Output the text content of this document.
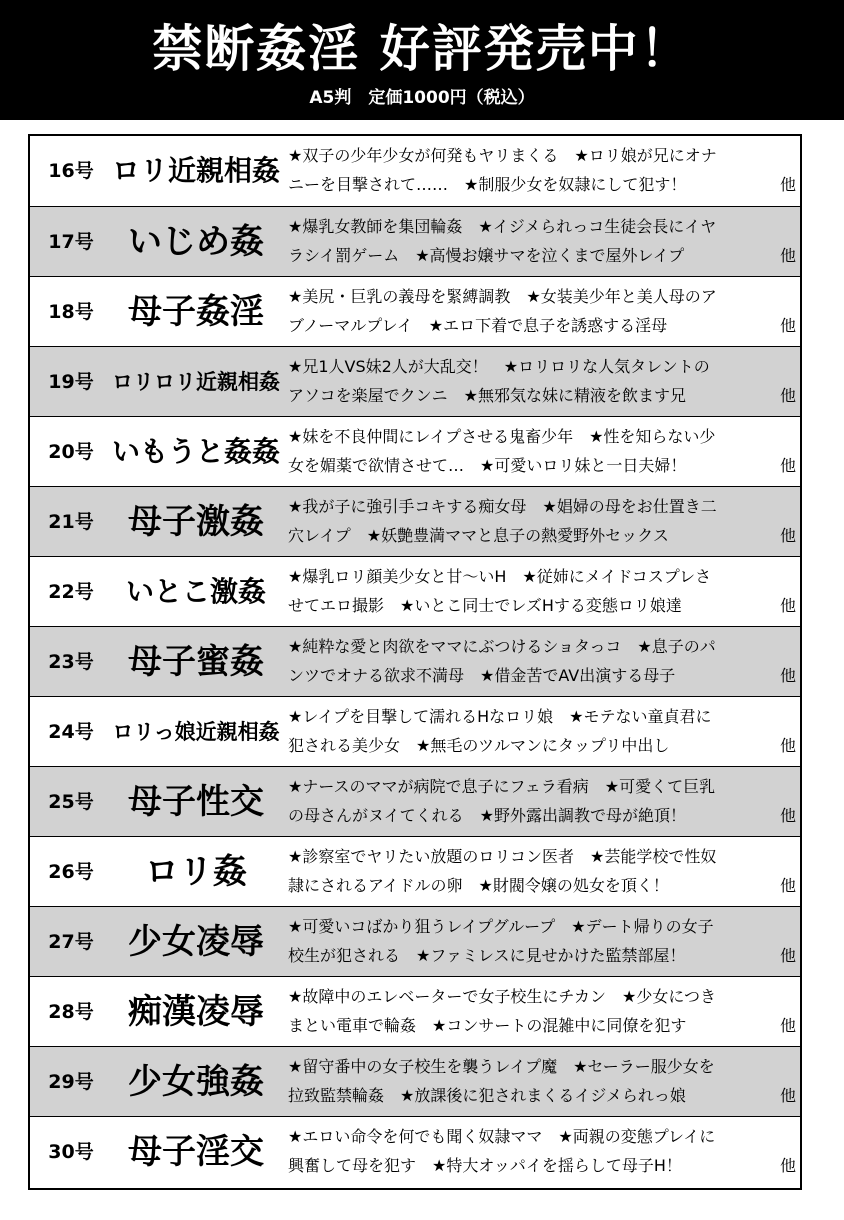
禁断姦淫 好評発売中！
A5判　定価1000円（税込）
16号 ロリ近親相姦 ★双子の少年少女が何発もヤリまくる　★ロリ娘が兄にオナ
ニーを目撃されて……　★制服少女を奴隷にして犯す！	他
17号	いじめ姦	★爆乳女教師を集団輪姦　★イジメられっコ生徒会長にイヤ
ラシイ罰ゲーム　★高慢お嬢サマを泣くまで屋外レイプ	他
18号	母子姦淫	★美尻・巨乳の義母を緊縛調教　★女装美少年と美人母のア
ブノーマルプレイ　★エロ下着で息子を誘惑する淫母	他
19号 ロリロリ近親相姦
★兄1人VS妹2人が大乱交！　★ロリロリな人気タレントの
アソコを楽屋でクンニ　★無邪気な妹に精液を飲ます兄	他
20号 いもうと姦姦 ★妹を不良仲間にレイプさせる鬼畜少年　★性を知らない少
女を媚薬で欲情させて…　★可愛いロリ妹と一日夫婦！	他
21号	母子激姦	★我が子に強引手コキする痴女母　★娼婦の母をお仕置き二
穴レイプ　★妖艶豊満ママと息子の熱愛野外セックス	他
22号	いとこ激姦	★爆乳ロリ顔美少女と甘〜いH　★従姉にメイドコスプレさ
せてエロ撮影　★いとこ同士でレズHする変態ロリ娘達	他
23号	母子蜜姦	★純粋な愛と肉欲をママにぶつけるショタっコ　★息子のパ
ンツでオナる欲求不満母　★借金苦でAV出演する母子	他
24号 ロリっ娘近親相姦
★レイプを目撃して濡れるHなロリ娘　★モテない童貞君に
犯される美少女　★無毛のツルマンにタップリ中出し	他
25号	母子性交	★ナースのママが病院で息子にフェラ看病　★可愛くて巨乳
の母さんがヌイてくれる　★野外露出調教で母が絶頂！	他
26号	ロリ姦	★診察室でヤリたい放題のロリコン医者　★芸能学校で性奴
隷にされるアイドルの卵　★財閥令嬢の処女を頂く！	他
27号	少女凌辱	★可愛いコばかり狙うレイプグループ　★デート帰りの女子
校生が犯される　★ファミレスに見せかけた監禁部屋！	他
28号	痴漢凌辱	★故障中のエレベーターで女子校生にチカン　★少女につき
まとい電車で輪姦　★コンサートの混雑中に同僚を犯す	他
29号	少女強姦	★留守番中の女子校生を襲うレイプ魔　★セーラー服少女を
拉致監禁輪姦　★放課後に犯されまくるイジメられっ娘	他
30号	母子淫交	★エロい命令を何でも聞く奴隷ママ　★両親の変態プレイに
興奮して母を犯す　★特大オッパイを揺らして母子H！	他
